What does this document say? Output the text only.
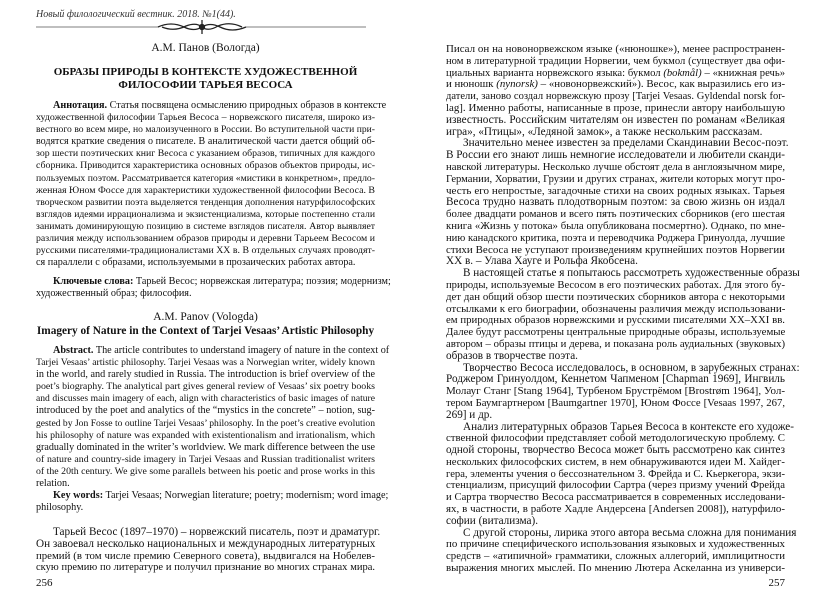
Новый филологический вестник. 2018. №1(44).
А.М. Панов (Вологда)
ОБРАЗЫ ПРИРОДЫ В КОНТЕКСТЕ ХУДОЖЕСТВЕННОЙ
ФИЛОСОФИИ ТАРЬЕЯ ВЕСОСА
Аннотация. Статья посвящена осмыслению природных образов в контексте
художественной философии Тарьея Весоса – норвежского писателя, широко из-
вестного во всем мире, но малоизученного в России. Во вступительной части при-
водятся краткие сведения о писателе. В аналитической части дается общий об-
зор шести поэтических книг Весоса с указанием образов, типичных для каждого
сборника. Приводится характеристика основных образов объектов природы, ис-
пользуемых поэтом. Рассматривается категория «мистики в конкретном», предло-
женная Юном Фоссе для характеристики художественной философии Весоса. В
творческом развитии поэта выделяется тенденция дополнения натурфилософских
взглядов идеями иррационализма и экзистенциализма, которые постепенно стали
занимать доминирующую позицию в системе взглядов писателя. Автор выявляет
различия между использованием образов природы и деревни Тарьеем Весосом и
русскими писателями-традиционалистами XX в. В отдельных случаях проводят-
ся параллели с образами, используемыми в прозаических работах автора.
Ключевые слова: Тарьей Весос; норвежская литература; поэзия; модернизм;
художественный образ; философия.
A.M. Panov (Vologda)
Imagery of Nature in the Context of Tarjei Vesaas’ Artistic Philosophy
Abstract. The article contributes to understand imagery of nature in the context of
Tarjei Vesaas’ artistic philosophy. Tarjei Vesaas was a Norwegian writer, widely known
in the world, and rarely studied in Russia. The introduction is brief overview of the
poet’s biography. The analytical part gives general review of Vesaas’ six poetry books
and discusses main imagery of each, align with characteristics of basic images of nature
introduced by the poet and analytics of the “mystics in the concrete” – notion, sug-
gested by Jon Fosse to outline Tarjei Vesaas’ philosophy. In the poet’s creative evolution
his philosophy of nature was expanded with existentionalism and irrationalism, which
gradually dominated in the writer’s worldview. We mark difference between the use
of nature and country-side imagery in Tarjei Vesaas and Russian traditionalist writers
of the 20th century. We give some parallels between his poetic and prose works in this
relation.
Key words: Tarjei Vesaas; Norwegian literature; poetry; modernism; word image;
philosophy.
Тарьей Весос (1897–1970) – норвежский писатель, поэт и драматург.
Он завоевал несколько национальных и международных литературных
премий (в том числе премию Северного совета), выдвигался на Нобелев-
скую премию по литературе и получил признание во многих странах мира.
256
Писал он на новонорвежском языке («нюношке»), менее распространен-
ном в литературной традиции Норвегии, чем букмол (существует два офи-
циальных варианта норвежского языка: букмол (bokmål) – «книжная речь»
и нюношк (nynorsk) – «новонорвежский»). Весос, как выразились его из-
датели, заново создал норвежскую прозу [Tarjei Vesaas. Gyldendal norsk for-
lag]. Именно работы, написанные в прозе, принесли автору наибольшую
известность. Российским читателям он известен по романам «Великая
игра», «Птицы», «Ледяной замок», а также нескольким рассказам.
Значительно менее известен за пределами Скандинавии Весос-поэт.
В России его знают лишь немногие исследователи и любители сканди-
навской литературы. Несколько лучше обстоят дела в англоязычном мире,
Германии, Хорватии, Грузии и других странах, жители которых могут про-
честь его непростые, загадочные стихи на своих родных языках. Тарьея
Весоса трудно назвать плодотворным поэтом: за свою жизнь он издал
более двадцати романов и всего пять поэтических сборников (его шестая
книга «Жизнь у потока» была опубликована посмертно). Однако, по мне-
нию канадского критика, поэта и переводчика Роджера Гринуолда, лучшие
стихи Весоса не уступают произведениям крупнейших поэтов Норвегии
XX в. – Улава Хауге и Рольфа Якобсена.
В настоящей статье я попытаюсь рассмотреть художественные образы
природы, используемые Весосом в его поэтических работах. Для этого бу-
дет дан общий обзор шести поэтических сборников автора с некоторыми
отсылками к его биографии, обозначены различия между использовани-
ем природных образов норвежскими и русскими писателями XX–XXI вв.
Далее будут рассмотрены центральные природные образы, используемые
автором – образы птицы и дерева, и показана роль аудиальных (звуковых)
образов в творчестве поэта.
Творчество Весоса исследовалось, в основном, в зарубежных странах:
Роджером Гринуолдом, Кеннетом Чапменом [Chapman 1969], Ингвиль
Молауг Станг [Stang 1964], Турбеном Брустрёмом [Brostrøm 1964], Уол-
тером Баумгартнером [Baumgartner 1970], Юном Фоссе [Vesaas 1997, 267,
269] и др.
Анализ литературных образов Тарьея Весоса в контексте его художе-
ственной философии представляет собой методологическую проблему. С
одной стороны, творчество Весоса может быть рассмотрено как синтез
нескольких философских систем, в нем обнаруживаются идеи М. Хайдег-
гера, элементы учения о бессознательном З. Фрейда и С. Кьеркегора, экзи-
стенциализм, присущий философии Сартра (через призму учений Фрейда
и Сартра творчество Весоса рассматривается в современных исследовани-
ях, в частности, в работе Хадле Андерсена [Andersen 2008]), натурфило-
софии (витализма).
С другой стороны, лирика этого автора весьма сложна для понимания
по причине специфического использования языковых и художественных
средств – «атипичной» грамматики, сложных аллегорий, имплицитности
выражения многих мыслей. По мнению Лютера Аскеланна из универси-
257
